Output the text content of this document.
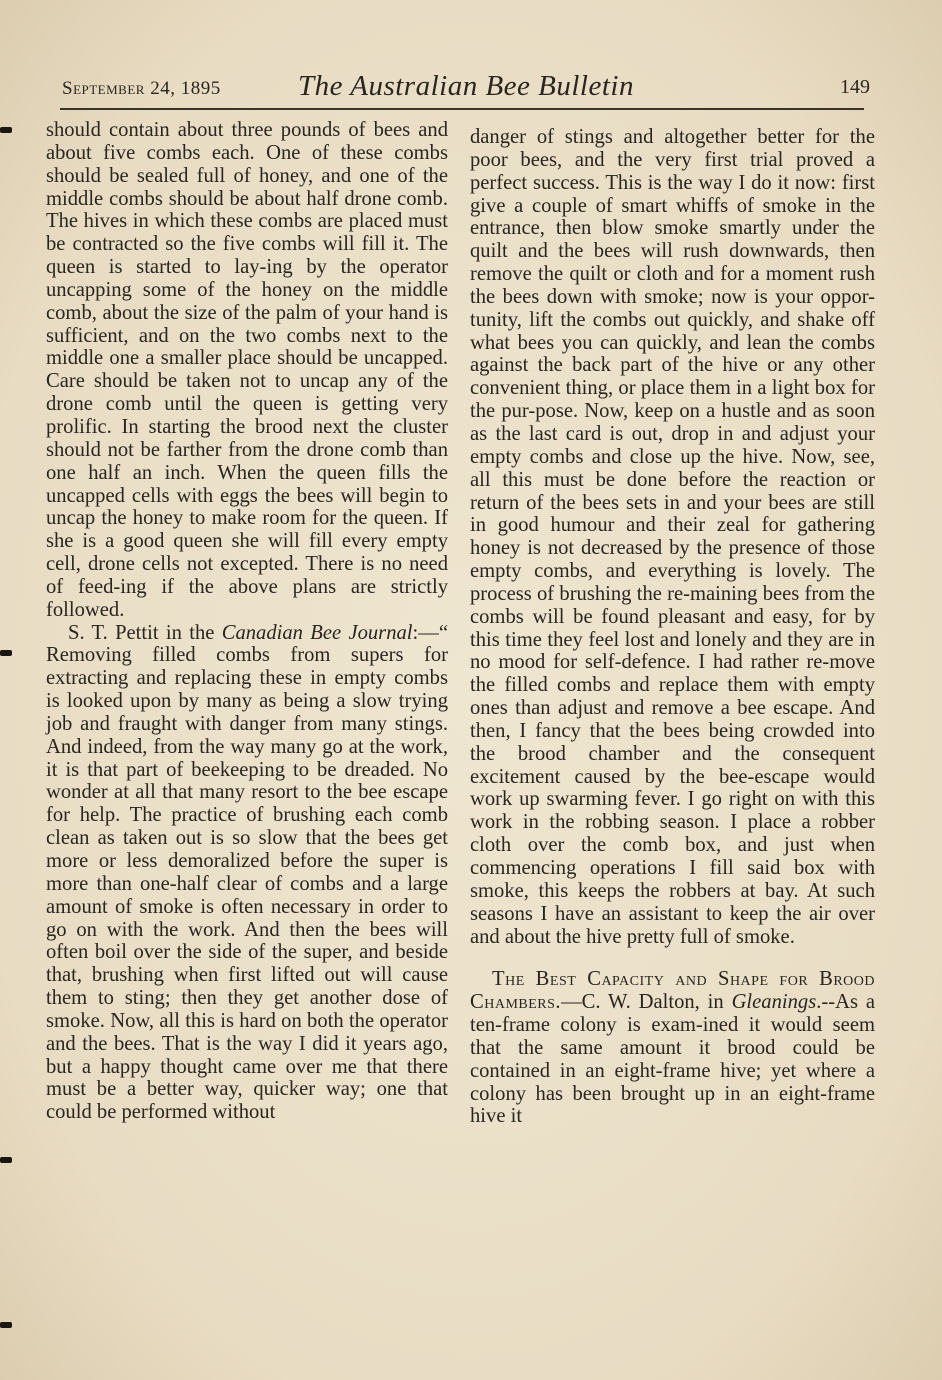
September 24, 1895	The Australian Bee Bulletin	149

should contain about three pounds of bees and about five combs each. One of these combs should be sealed full of honey, and one of the middle combs should be about half drone comb. The hives in which these combs are placed must be contracted so the five combs will fill it. The queen is started to lay-ing by the operator uncapping some of the honey on the middle comb, about the size of the palm of your hand is sufficient, and on the two combs next to the middle one a smaller place should be uncapped. Care should be taken not to uncap any of the drone comb until the queen is getting very prolific. In starting the brood next the cluster should not be farther from the drone comb than one half an inch. When the queen fills the uncapped cells with eggs the bees will begin to uncap the honey to make room for the queen. If she is a good queen she will fill every empty cell, drone cells not excepted. There is no need of feed-ing if the above plans are strictly followed.

S. T. Pettit in the Canadian Bee Journal:—“ Removing filled combs from supers for extracting and replacing these in empty combs is looked upon by many as being a slow trying job and fraught with danger from many stings. And indeed, from the way many go at the work, it is that part of beekeeping to be dreaded. No wonder at all that many resort to the bee escape for help. The practice of brushing each comb clean as taken out is so slow that the bees get more or less demoralized before the super is more than one-half clear of combs and a large amount of smoke is often necessary in order to go on with the work. And then the bees will often boil over the side of the super, and beside that, brushing when first lifted out will cause them to sting; then they get another dose of smoke. Now, all this is hard on both the operator and the bees. That is the way I did it years ago, but a happy thought came over me that there must be a better way, quicker way; one that could be performed without

danger of stings and altogether better for the poor bees, and the very first trial proved a perfect success. This is the way I do it now: first give a couple of smart whiffs of smoke in the entrance, then blow smoke smartly under the quilt and the bees will rush downwards, then remove the quilt or cloth and for a moment rush the bees down with smoke; now is your oppor-tunity, lift the combs out quickly, and shake off what bees you can quickly, and lean the combs against the back part of the hive or any other convenient thing, or place them in a light box for the pur-pose. Now, keep on a hustle and as soon as the last card is out, drop in and adjust your empty combs and close up the hive. Now, see, all this must be done before the reaction or return of the bees sets in and your bees are still in good humour and their zeal for gathering honey is not decreased by the presence of those empty combs, and everything is lovely. The process of brushing the re-maining bees from the combs will be found pleasant and easy, for by this time they feel lost and lonely and they are in no mood for self-defence. I had rather re-move the filled combs and replace them with empty ones than adjust and remove a bee escape. And then, I fancy that the bees being crowded into the brood chamber and the consequent excitement caused by the bee-escape would work up swarming fever. I go right on with this work in the robbing season. I place a robber cloth over the comb box, and just when commencing operations I fill said box with smoke, this keeps the robbers at bay. At such seasons I have an assistant to keep the air over and about the hive pretty full of smoke.

The Best Capacity and Shape for Brood Chambers.—C. W. Dalton, in Gleanings.--As a ten-frame colony is exam-ined it would seem that the same amount it brood could be contained in an eight-frame hive; yet where a colony has been brought up in an eight-frame hive it
